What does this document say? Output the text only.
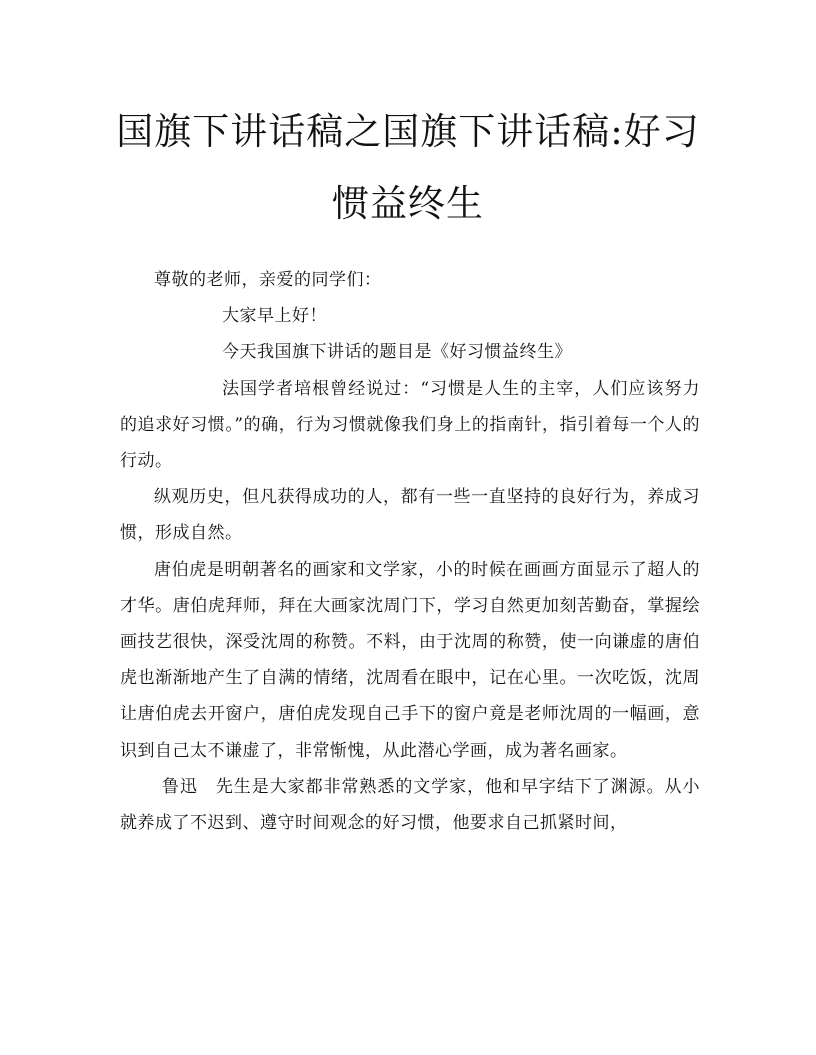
国旗下讲话稿之国旗下讲话稿:好习惯益终生

尊敬的老师，亲爱的同学们：

大家早上好！

今天我国旗下讲话的题目是《好习惯益终生》

法国学者培根曾经说过：“习惯是人生的主宰，人们应该努力的追求好习惯。”的确，行为习惯就像我们身上的指南针，指引着每一个人的行动。

纵观历史，但凡获得成功的人，都有一些一直坚持的良好行为，养成习惯，形成自然。

唐伯虎是明朝著名的画家和文学家，小的时候在画画方面显示了超人的才华。唐伯虎拜师，拜在大画家沈周门下，学习自然更加刻苦勤奋，掌握绘画技艺很快，深受沈周的称赞。不料，由于沈周的称赞，使一向谦虚的唐伯虎也渐渐地产生了自满的情绪，沈周看在眼中，记在心里。一次吃饭，沈周让唐伯虎去开窗户，唐伯虎发现自己手下的窗户竟是老师沈周的一幅画，意识到自己太不谦虚了，非常惭愧，从此潜心学画，成为著名画家。

鲁迅　先生是大家都非常熟悉的文学家，他和早字结下了渊源。从小就养成了不迟到、遵守时间观念的好习惯，他要求自己抓紧时间，
